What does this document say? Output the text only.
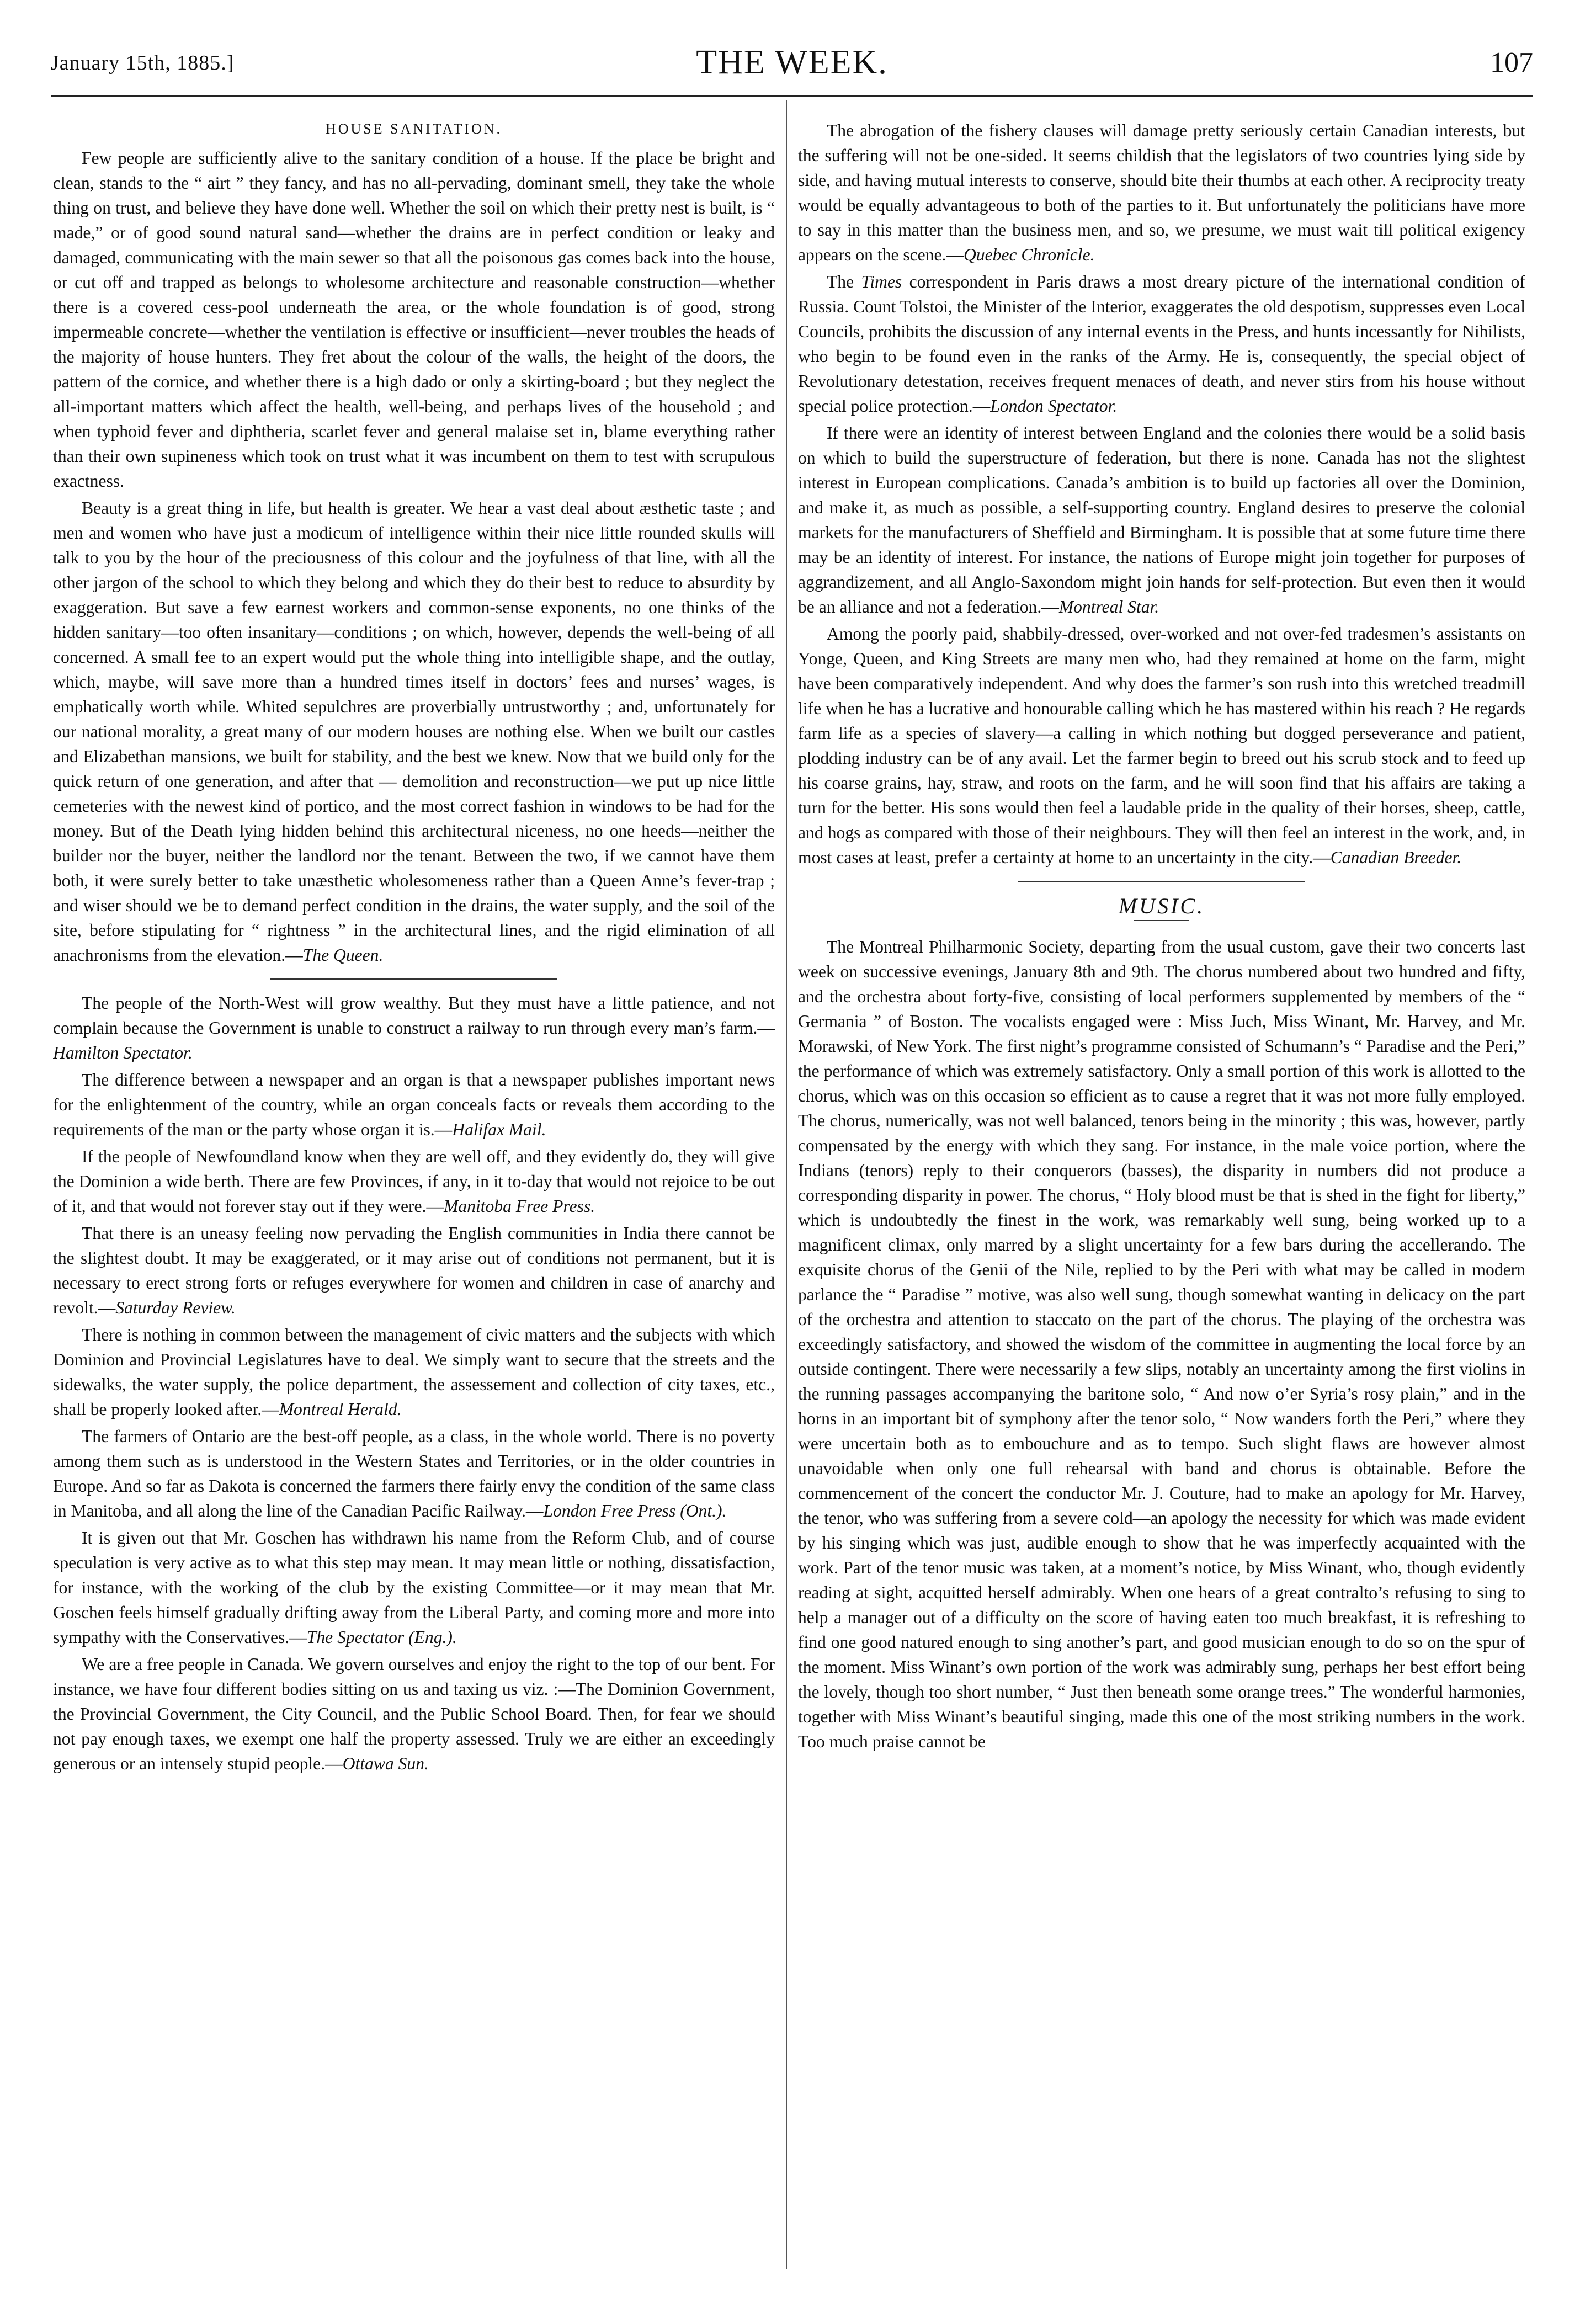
January 15th, 1885.]	THE WEEK.	107
HOUSE SANITATION.

Few people are sufficiently alive to the sanitary condition of a house. If the place be bright and clean, stands to the “ airt ” they fancy, and has no all-pervading, dominant smell, they take the whole thing on trust, and believe they have done well. Whether the soil on which their pretty nest is built, is “ made,” or of good sound natural sand—whether the drains are in perfect condition or leaky and damaged, communicating with the main sewer so that all the poisonous gas comes back into the house, or cut off and trapped as belongs to wholesome architecture and reasonable construction—whether there is a covered cess-pool underneath the area, or the whole foundation is of good, strong impermeable concrete—whether the ventilation is effective or insufficient—never troubles the heads of the majority of house hunters. They fret about the colour of the walls, the height of the doors, the pattern of the cornice, and whether there is a high dado or only a skirting-board ; but they neglect the all-important matters which affect the health, well-being, and perhaps lives of the household ; and when typhoid fever and diphtheria, scarlet fever and general malaise set in, blame everything rather than their own supineness which took on trust what it was incumbent on them to test with scrupulous exactness.

Beauty is a great thing in life, but health is greater. We hear a vast deal about æsthetic taste ; and men and women who have just a modicum of intelligence within their nice little rounded skulls will talk to you by the hour of the preciousness of this colour and the joyfulness of that line, with all the other jargon of the school to which they belong and which they do their best to reduce to absurdity by exaggeration. But save a few earnest workers and common-sense exponents, no one thinks of the hidden sanitary—too often insanitary—conditions ; on which, however, depends the well-being of all concerned. A small fee to an expert would put the whole thing into intelligible shape, and the outlay, which, maybe, will save more than a hundred times itself in doctors’ fees and nurses’ wages, is emphatically worth while. Whited sepulchres are proverbially untrustworthy ; and, unfortunately for our national morality, a great many of our modern houses are nothing else. When we built our castles and Elizabethan mansions, we built for stability, and the best we knew. Now that we build only for the quick return of one generation, and after that — demolition and reconstruction—we put up nice little cemeteries with the newest kind of portico, and the most correct fashion in windows to be had for the money. But of the Death lying hidden behind this architectural niceness, no one heeds—neither the builder nor the buyer, neither the landlord nor the tenant. Between the two, if we cannot have them both, it were surely better to take unæsthetic wholesomeness rather than a Queen Anne’s fever-trap ; and wiser should we be to demand perfect condition in the drains, the water supply, and the soil of the site, before stipulating for “ rightness ” in the architectural lines, and the rigid elimination of all anachronisms from the elevation.—The Queen.

The people of the North-West will grow wealthy. But they must have a little patience, and not complain because the Government is unable to construct a railway to run through every man’s farm.—Hamilton Spectator.

The difference between a newspaper and an organ is that a newspaper publishes important news for the enlightenment of the country, while an organ conceals facts or reveals them according to the requirements of the man or the party whose organ it is.—Halifax Mail.

If the people of Newfoundland know when they are well off, and they evidently do, they will give the Dominion a wide berth. There are few Provinces, if any, in it to-day that would not rejoice to be out of it, and that would not forever stay out if they were.—Manitoba Free Press.

That there is an uneasy feeling now pervading the English communities in India there cannot be the slightest doubt. It may be exaggerated, or it may arise out of conditions not permanent, but it is necessary to erect strong forts or refuges everywhere for women and children in case of anarchy and revolt.—Saturday Review.

There is nothing in common between the management of civic matters and the subjects with which Dominion and Provincial Legislatures have to deal. We simply want to secure that the streets and the sidewalks, the water supply, the police department, the assessement and collection of city taxes, etc., shall be properly looked after.—Montreal Herald.

The farmers of Ontario are the best-off people, as a class, in the whole world. There is no poverty among them such as is understood in the Western States and Territories, or in the older countries in Europe. And so far as Dakota is concerned the farmers there fairly envy the condition of the same class in Manitoba, and all along the line of the Canadian Pacific Railway.—London Free Press (Ont.).

It is given out that Mr. Goschen has withdrawn his name from the Reform Club, and of course speculation is very active as to what this step may mean. It may mean little or nothing, dissatisfaction, for instance, with the working of the club by the existing Committee—or it may mean that Mr. Goschen feels himself gradually drifting away from the Liberal Party, and coming more and more into sympathy with the Conservatives.—The Spectator (Eng.).

We are a free people in Canada. We govern ourselves and enjoy the right to the top of our bent. For instance, we have four different bodies sitting on us and taxing us viz. :—The Dominion Government, the Provincial Government, the City Council, and the Public School Board. Then, for fear we should not pay enough taxes, we exempt one half the property assessed. Truly we are either an exceedingly generous or an intensely stupid people.—Ottawa Sun.

The abrogation of the fishery clauses will damage pretty seriously certain Canadian interests, but the suffering will not be one-sided. It seems childish that the legislators of two countries lying side by side, and having mutual interests to conserve, should bite their thumbs at each other. A reciprocity treaty would be equally advantageous to both of the parties to it. But unfortunately the politicians have more to say in this matter than the business men, and so, we presume, we must wait till political exigency appears on the scene.—Quebec Chronicle.

The Times correspondent in Paris draws a most dreary picture of the international condition of Russia. Count Tolstoi, the Minister of the Interior, exaggerates the old despotism, suppresses even Local Councils, prohibits the discussion of any internal events in the Press, and hunts incessantly for Nihilists, who begin to be found even in the ranks of the Army. He is, consequently, the special object of Revolutionary detestation, receives frequent menaces of death, and never stirs from his house without special police protection.—London Spectator.

If there were an identity of interest between England and the colonies there would be a solid basis on which to build the superstructure of federation, but there is none. Canada has not the slightest interest in European complications. Canada’s ambition is to build up factories all over the Dominion, and make it, as much as possible, a self-supporting country. England desires to preserve the colonial markets for the manufacturers of Sheffield and Birmingham. It is possible that at some future time there may be an identity of interest. For instance, the nations of Europe might join together for purposes of aggrandizement, and all Anglo-Saxondom might join hands for self-protection. But even then it would be an alliance and not a federation.—Montreal Star.

Among the poorly paid, shabbily-dressed, over-worked and not over-fed tradesmen’s assistants on Yonge, Queen, and King Streets are many men who, had they remained at home on the farm, might have been comparatively independent. And why does the farmer’s son rush into this wretched treadmill life when he has a lucrative and honourable calling which he has mastered within his reach ? He regards farm life as a species of slavery—a calling in which nothing but dogged perseverance and patient, plodding industry can be of any avail. Let the farmer begin to breed out his scrub stock and to feed up his coarse grains, hay, straw, and roots on the farm, and he will soon find that his affairs are taking a turn for the better. His sons would then feel a laudable pride in the quality of their horses, sheep, cattle, and hogs as compared with those of their neighbours. They will then feel an interest in the work, and, in most cases at least, prefer a certainty at home to an uncertainty in the city.—Canadian Breeder.

MUSIC.

The Montreal Philharmonic Society, departing from the usual custom, gave their two concerts last week on successive evenings, January 8th and 9th. The chorus numbered about two hundred and fifty, and the orchestra about forty-five, consisting of local performers supplemented by members of the “ Germania ” of Boston. The vocalists engaged were : Miss Juch, Miss Winant, Mr. Harvey, and Mr. Morawski, of New York. The first night’s programme consisted of Schumann’s “ Paradise and the Peri,” the performance of which was extremely satisfactory. Only a small portion of this work is allotted to the chorus, which was on this occasion so efficient as to cause a regret that it was not more fully employed. The chorus, numerically, was not well balanced, tenors being in the minority ; this was, however, partly compensated by the energy with which they sang. For instance, in the male voice portion, where the Indians (tenors) reply to their conquerors (basses), the disparity in numbers did not produce a corresponding disparity in power. The chorus, “ Holy blood must be that is shed in the fight for liberty,” which is undoubtedly the finest in the work, was remarkably well sung, being worked up to a magnificent climax, only marred by a slight uncertainty for a few bars during the accellerando. The exquisite chorus of the Genii of the Nile, replied to by the Peri with what may be called in modern parlance the “ Paradise ” motive, was also well sung, though somewhat wanting in delicacy on the part of the orchestra and attention to staccato on the part of the chorus. The playing of the orchestra was exceedingly satisfactory, and showed the wisdom of the committee in augmenting the local force by an outside contingent. There were necessarily a few slips, notably an uncertainty among the first violins in the running passages accompanying the baritone solo, “ And now o’er Syria’s rosy plain,” and in the horns in an important bit of symphony after the tenor solo, “ Now wanders forth the Peri,” where they were uncertain both as to embouchure and as to tempo. Such slight flaws are however almost unavoidable when only one full rehearsal with band and chorus is obtainable. Before the commencement of the concert the conductor Mr. J. Couture, had to make an apology for Mr. Harvey, the tenor, who was suffering from a severe cold—an apology the necessity for which was made evident by his singing which was just, audible enough to show that he was imperfectly acquainted with the work. Part of the tenor music was taken, at a moment’s notice, by Miss Winant, who, though evidently reading at sight, acquitted herself admirably. When one hears of a great contralto’s refusing to sing to help a manager out of a difficulty on the score of having eaten too much breakfast, it is refreshing to find one good natured enough to sing another’s part, and good musician enough to do so on the spur of the moment. Miss Winant’s own portion of the work was admirably sung, perhaps her best effort being the lovely, though too short number, “ Just then beneath some orange trees.” The wonderful harmonies, together with Miss Winant’s beautiful singing, made this one of the most striking numbers in the work. Too much praise cannot be
